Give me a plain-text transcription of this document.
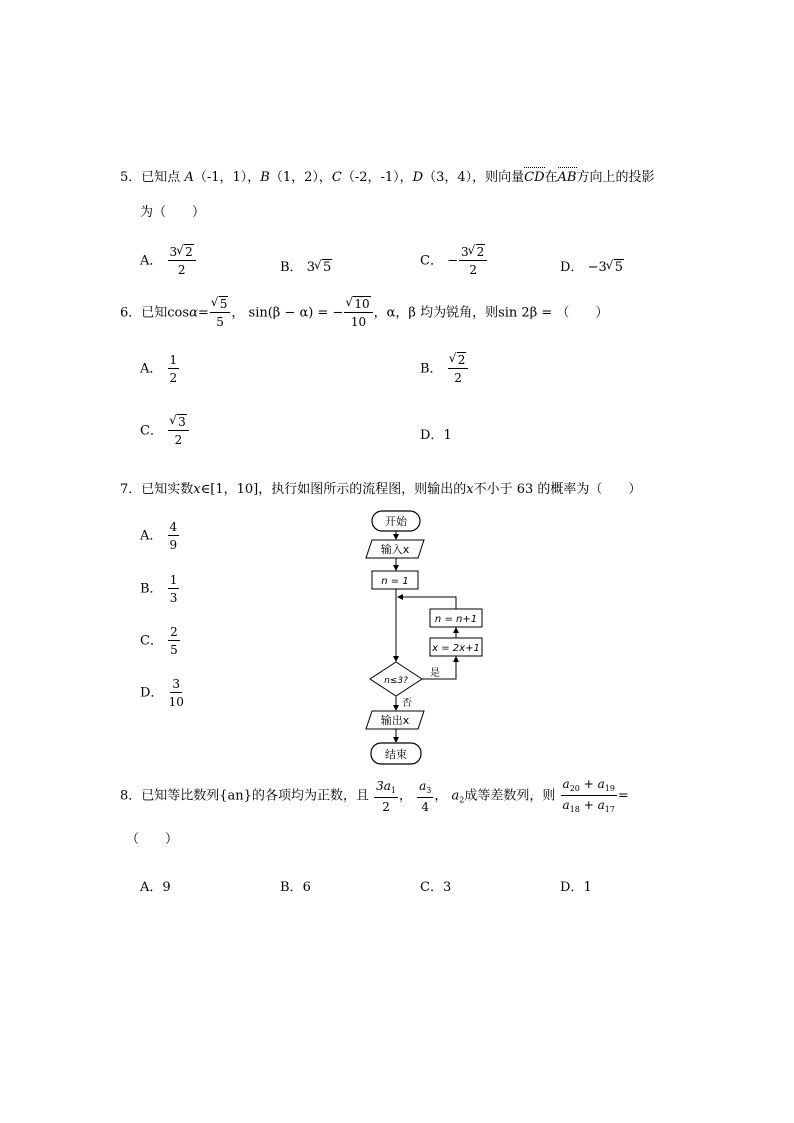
5．已知点 A（-1，1），B（1，2），C（-2，-1），D（3，4），则向量CD在AB方向上的投影
为（　　）
A． $\frac{3 √ 2}{2}$	B． 3 √ 5	C． − $\frac{3 √ 2}{2}$	D． −3 √ 5
6．已知cosα= √ $\frac{5}{5}$ ， sin(β − α) = − √ $\frac{10}{10}$ ，α，β 均为锐角，则sin 2β = （　　）
A． $\frac{1}{2}$	B． √ $\frac{2}{2}$
C． √ $\frac{3}{2}$	D．1
7．已知实数x∈[1，10]，执行如图所示的流程图，则输出的x不小于 63 的概率为（　　）
A． $\frac{4}{9}$
B． $\frac{1}{3}$
C． $\frac{2}{5}$
D． $\frac{3}{10}$
开始
输入x
n = 1
n = n+1
x = 2x+1
n≤3?
是
否
输出x
结束
8．已知等比数列{an}的各项均为正数，且 $\frac{3a_1}{2}$ ， $\frac{a_3}{4}$ ， $a_2$成等差数列，则 $\frac{a_{20} + a_{19}}{a_{18} + a_{17}}$ =
（　　）
A．9	B．6	C．3	D．1
